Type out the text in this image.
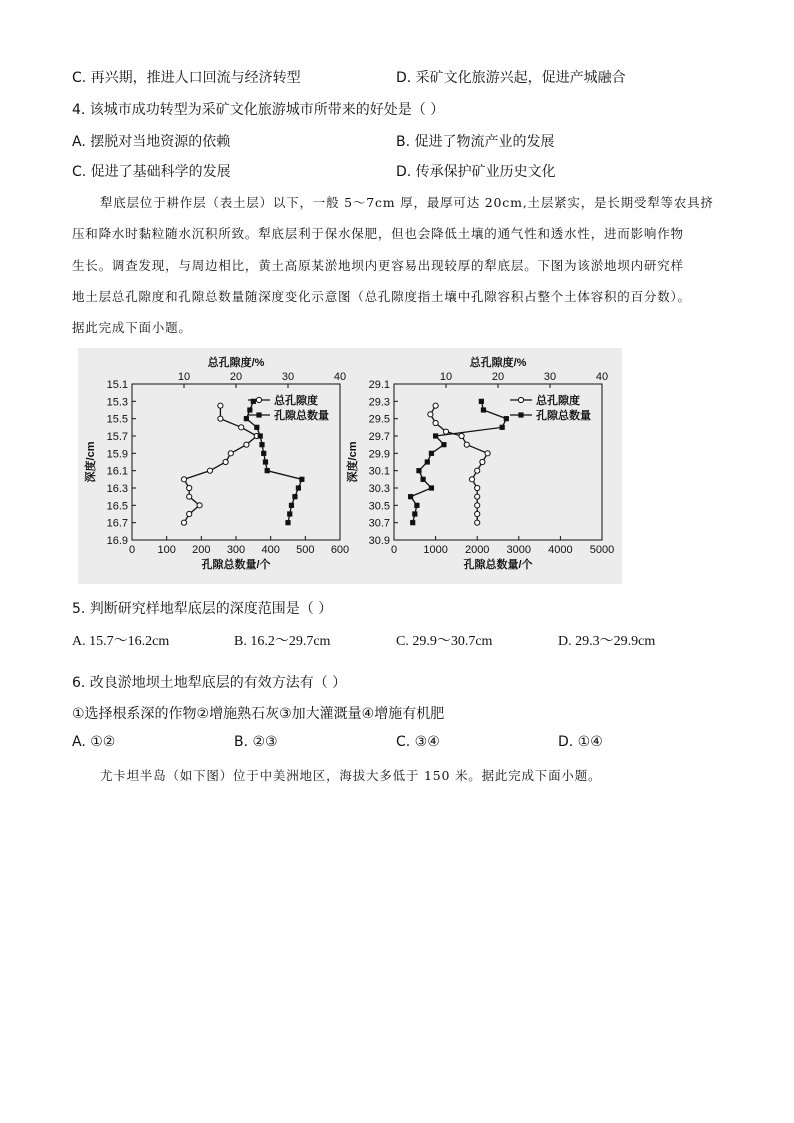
C. 再兴期，推进人口回流与经济转型	D. 采矿文化旅游兴起，促进产城融合
4. 该城市成功转型为采矿文化旅游城市所带来的好处是（ ）
A. 摆脱对当地资源的依赖	B. 促进了物流产业的发展
C. 促进了基础科学的发展	D. 传承保护矿业历史文化
犁底层位于耕作层（表土层）以下，一般 5～7cm 厚，最厚可达 20cm,土层紧实，是长期受犁等农具挤
压和降水时黏粒随水沉积所致。犁底层利于保水保肥，但也会降低土壤的通气性和透水性，进而影响作物
生长。调查发现，与周边相比，黄土高原某淤地坝内更容易出现较厚的犁底层。下图为该淤地坝内研究样
地土层总孔隙度和孔隙总数量随深度变化示意图（总孔隙度指土壤中孔隙容积占整个土体容积的百分数）。
据此完成下面小题。
10	20	30	40
总孔隙度/%
0 100 200 300 400 500 600
孔隙总数量/个
15.1
15.3
15.5
15.7
15.9
16.1
16.3
16.5
16.7
16.9
深度/cm
总孔隙度
孔隙总数量
10	20	30	40
总孔隙度/%
0 1000 2000 3000 4000 5000
孔隙总数量/个
29.1
29.3
29.5
29.7
29.9
30.1
30.3
30.5
30.7
30.9
深度/cm
总孔隙度
孔隙总数量
5. 判断研究样地犁底层的深度范围是（ ）
A. 15.7～16.2cm	B. 16.2～29.7cm	C. 29.9～30.7cm	D. 29.3～29.9cm
6. 改良淤地坝土地犁底层的有效方法有（ ）
①选择根系深的作物②增施熟石灰③加大灌溉量④增施有机肥
A. ①②	B. ②③	C. ③④	D. ①④
尤卡坦半岛（如下图）位于中美洲地区，海拔大多低于 150 米。据此完成下面小题。
